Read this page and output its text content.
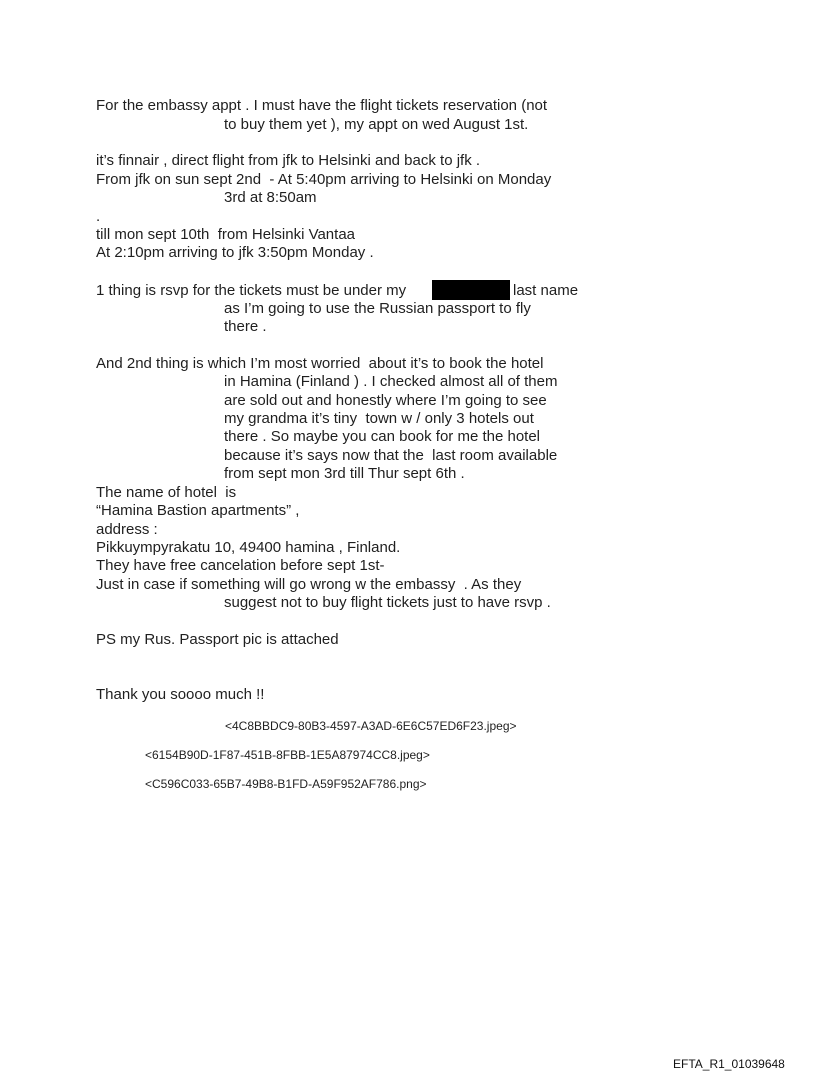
For the embassy appt . I must have the flight tickets reservation (not
to buy them yet ), my appt on wed August 1st.
it’s finnair , direct flight from jfk to Helsinki and back to jfk .
From jfk on sun sept 2nd  - At 5:40pm arriving to Helsinki on Monday
3rd at 8:50am
.
till mon sept 10th  from Helsinki Vantaa
At 2:10pm arriving to jfk 3:50pm Monday .
1 thing is rsvp for the tickets must be under my	last name
as I’m going to use the Russian passport to fly
there .
And 2nd thing is which I’m most worried  about it’s to book the hotel
in Hamina (Finland ) . I checked almost all of them
are sold out and honestly where I’m going to see
my grandma it’s tiny  town w / only 3 hotels out
there . So maybe you can book for me the hotel
because it’s says now that the  last room available
from sept mon 3rd till Thur sept 6th .
The name of hotel  is
“Hamina Bastion apartments” ,
address :
Pikkuympyrakatu 10, 49400 hamina , Finland.
They have free cancelation before sept 1st-
Just in case if something will go wrong w the embassy  . As they
suggest not to buy flight tickets just to have rsvp .
PS my Rus. Passport pic is attached
Thank you soooo much !!
<4C8BBDC9-80B3-4597-A3AD-6E6C57ED6F23.jpeg>
<6154B90D-1F87-451B-8FBB-1E5A87974CC8.jpeg>
<C596C033-65B7-49B8-B1FD-A59F952AF786.png>
EFTA_R1_01039648
